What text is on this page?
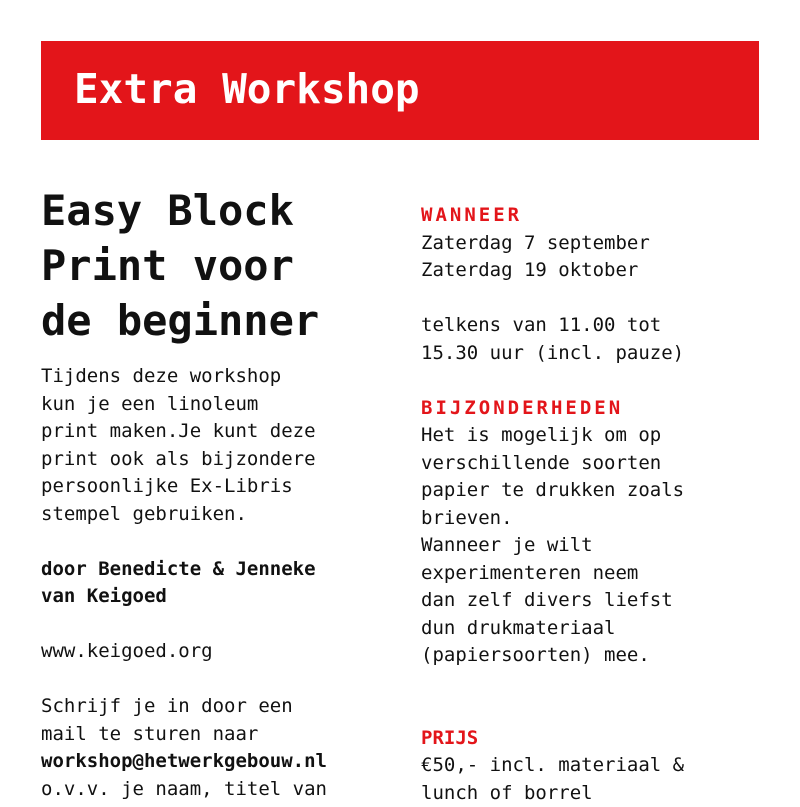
Extra Workshop
Easy Block
Print voor
de beginner
Tijdens deze workshop
kun je een linoleum
print maken.Je kunt deze
print ook als bijzondere
persoonlijke Ex-Libris
stempel gebruiken.
door Benedicte & Jenneke
van Keigoed
www.keigoed.org
Schrijf je in door een
mail te sturen naar
workshop@hetwerkgebouw.nl
o.v.v. je naam, titel van
WANNEER
Zaterdag 7 september
Zaterdag 19 oktober
telkens van 11.00 tot
15.30 uur (incl. pauze)
BIJZONDERHEDEN
Het is mogelijk om op
verschillende soorten
papier te drukken zoals
brieven.
Wanneer je wilt
experimenteren neem
dan zelf divers liefst
dun drukmateriaal
(papiersoorten) mee.
PRIJS
€50,- incl. materiaal &
lunch of borrel
